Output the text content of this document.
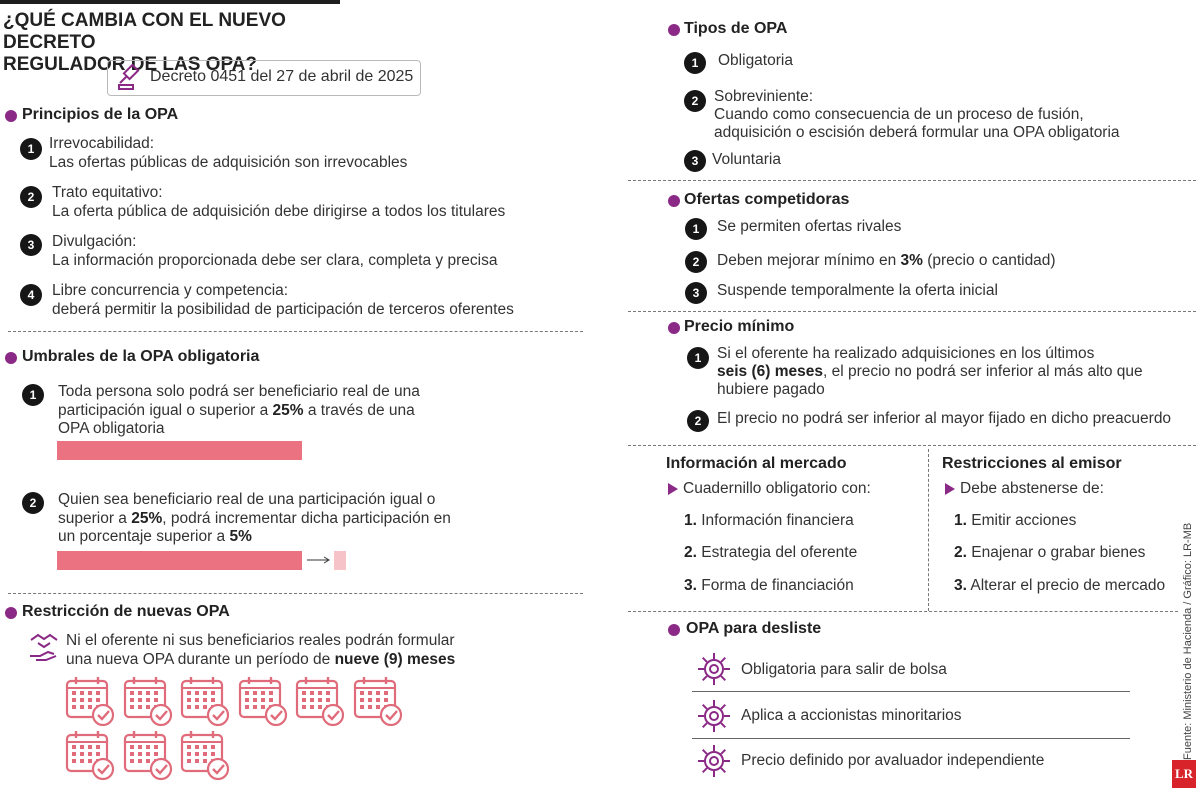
¿QUÉ CAMBIA CON EL NUEVO DECRETO
REGULADOR DE LAS OPA?
Decreto 0451 del 27 de abril de 2025
Principios de la OPA
1 Irrevocabilidad:
Las ofertas públicas de adquisición son irrevocables
2	Trato equitativo:
La oferta pública de adquisición debe dirigirse a todos los titulares
3	Divulgación:
La información proporcionada debe ser clara, completa y precisa
4	Libre concurrencia y competencia:
deberá permitir la posibilidad de participación de terceros oferentes
Umbrales de la OPA obligatoria
1	Toda persona solo podrá ser beneficiario real de una
participación igual o superior a 25% a través de una
OPA obligatoria
2	Quien sea beneficiario real de una participación igual o
superior a 25%, podrá incrementar dicha participación en
un porcentaje superior a 5%
Restricción de nuevas OPA
Ni el oferente ni sus beneficiarios reales podrán formular
una nueva OPA durante un período de nueve (9) meses
Tipos de OPA
1	Obligatoria
2	Sobreviniente:
Cuando como consecuencia de un proceso de fusión,
adquisición o escisión deberá formular una OPA obligatoria
3 Voluntaria
Ofertas competidoras
1	Se permiten ofertas rivales
2	Deben mejorar mínimo en 3% (precio o cantidad)
3	Suspende temporalmente la oferta inicial
Precio mínimo
1	Si el oferente ha realizado adquisiciones en los últimos
seis (6) meses, el precio no podrá ser inferior al más alto que
hubiere pagado
2	El precio no podrá ser inferior al mayor fijado en dicho preacuerdo
Información al mercado
Cuadernillo obligatorio con:
1. Información financiera
2. Estrategia del oferente
3. Forma de financiación
Restricciones al emisor
Debe abstenerse de:
1. Emitir acciones
2. Enajenar o grabar bienes
3. Alterar el precio de mercado
OPA para desliste
Obligatoria para salir de bolsa
Aplica a accionistas minoritarios
Precio definido por avaluador independiente
Fuente: Ministerio de Hacienda / Gráfico: LR-MB
LR
